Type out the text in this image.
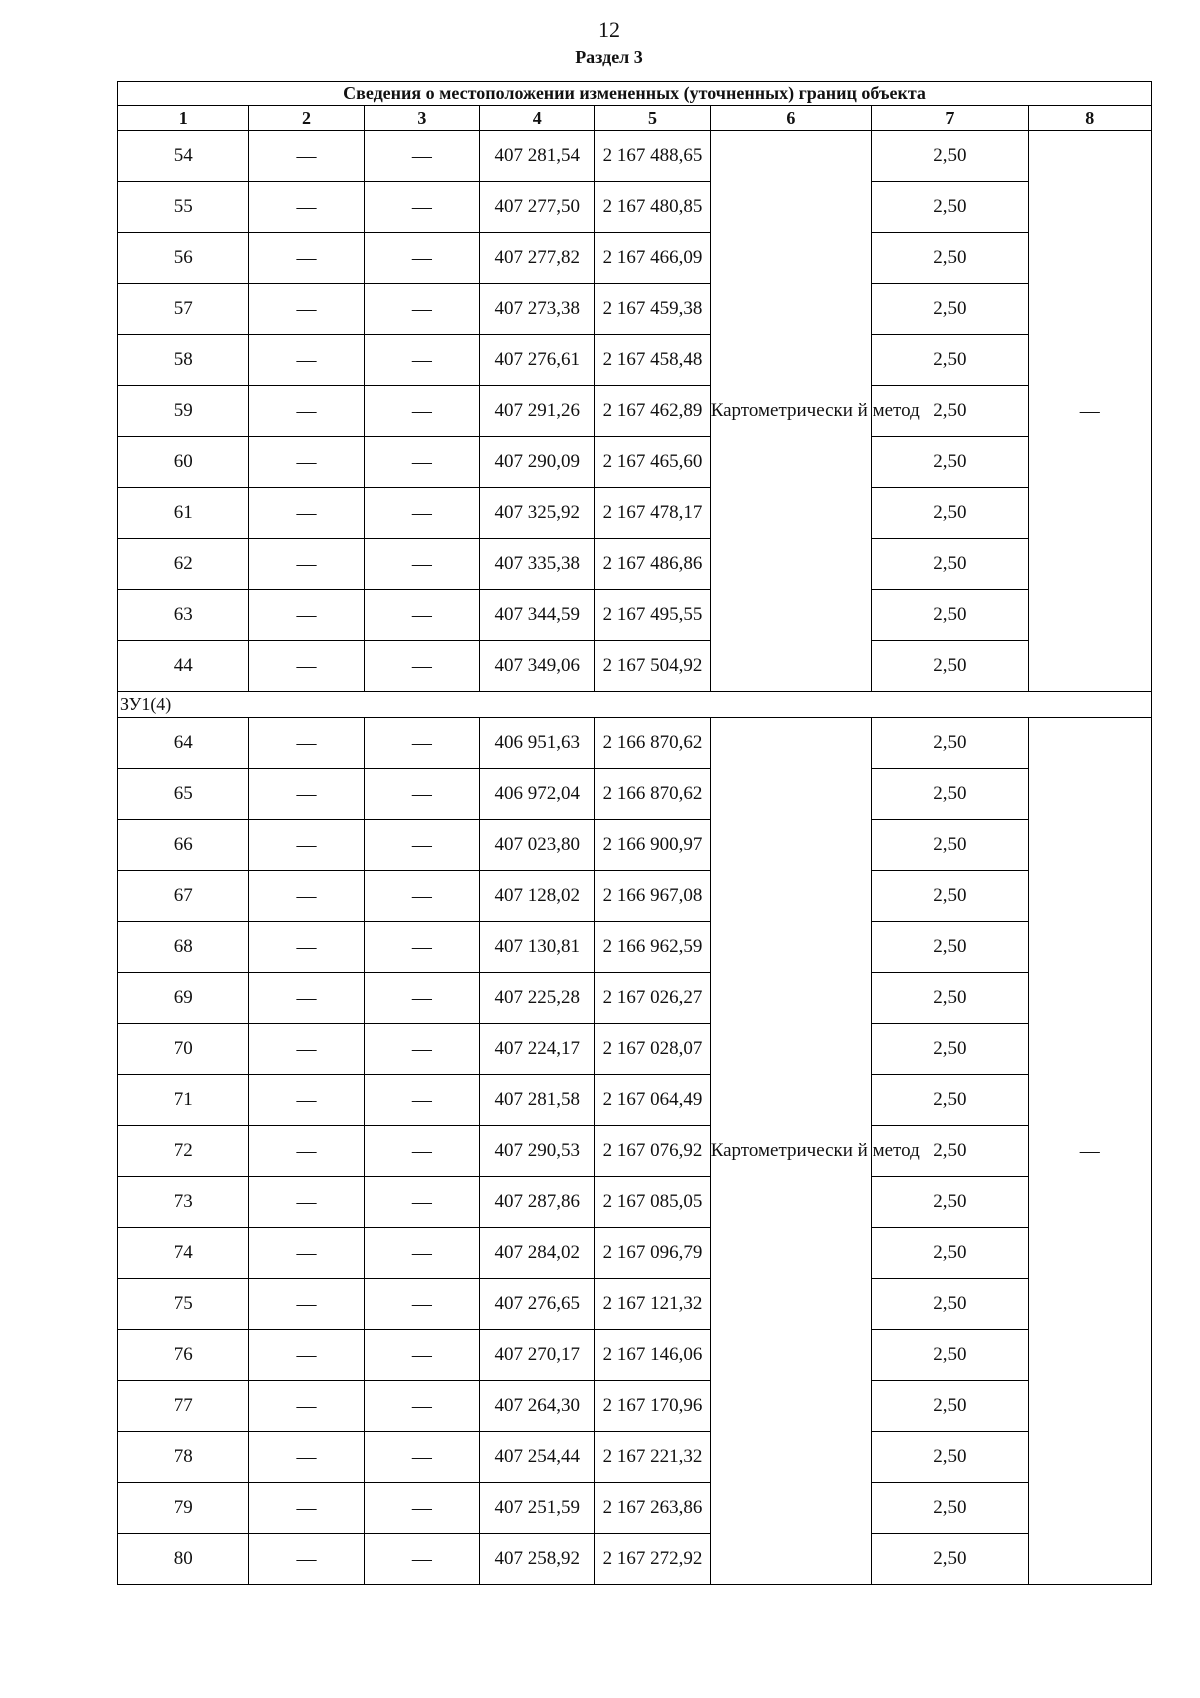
12
Раздел 3
Сведения о местоположении измененных (уточненных) границ объекта							
1	2	3	4	5	6	7	8
54	—	—	407 281,54	2 167 488,65	Картометрически й метод	2,50	—
55	—	—	407 277,50	2 167 480,85		2,50	
56	—	—	407 277,82	2 167 466,09		2,50	
57	—	—	407 273,38	2 167 459,38		2,50	
58	—	—	407 276,61	2 167 458,48		2,50	
59	—	—	407 291,26	2 167 462,89		2,50	
60	—	—	407 290,09	2 167 465,60		2,50	
61	—	—	407 325,92	2 167 478,17		2,50	
62	—	—	407 335,38	2 167 486,86		2,50	
63	—	—	407 344,59	2 167 495,55		2,50	
44	—	—	407 349,06	2 167 504,92		2,50	
ЗУ1(4)							
64	—	—	406 951,63	2 166 870,62	Картометрически й метод	2,50	—
65	—	—	406 972,04	2 166 870,62		2,50	
66	—	—	407 023,80	2 166 900,97		2,50	
67	—	—	407 128,02	2 166 967,08		2,50	
68	—	—	407 130,81	2 166 962,59		2,50	
69	—	—	407 225,28	2 167 026,27		2,50	
70	—	—	407 224,17	2 167 028,07		2,50	
71	—	—	407 281,58	2 167 064,49		2,50	
72	—	—	407 290,53	2 167 076,92		2,50	
73	—	—	407 287,86	2 167 085,05		2,50	
74	—	—	407 284,02	2 167 096,79		2,50	
75	—	—	407 276,65	2 167 121,32		2,50	
76	—	—	407 270,17	2 167 146,06		2,50	
77	—	—	407 264,30	2 167 170,96		2,50	
78	—	—	407 254,44	2 167 221,32		2,50	
79	—	—	407 251,59	2 167 263,86		2,50	
80	—	—	407 258,92	2 167 272,92		2,50	
